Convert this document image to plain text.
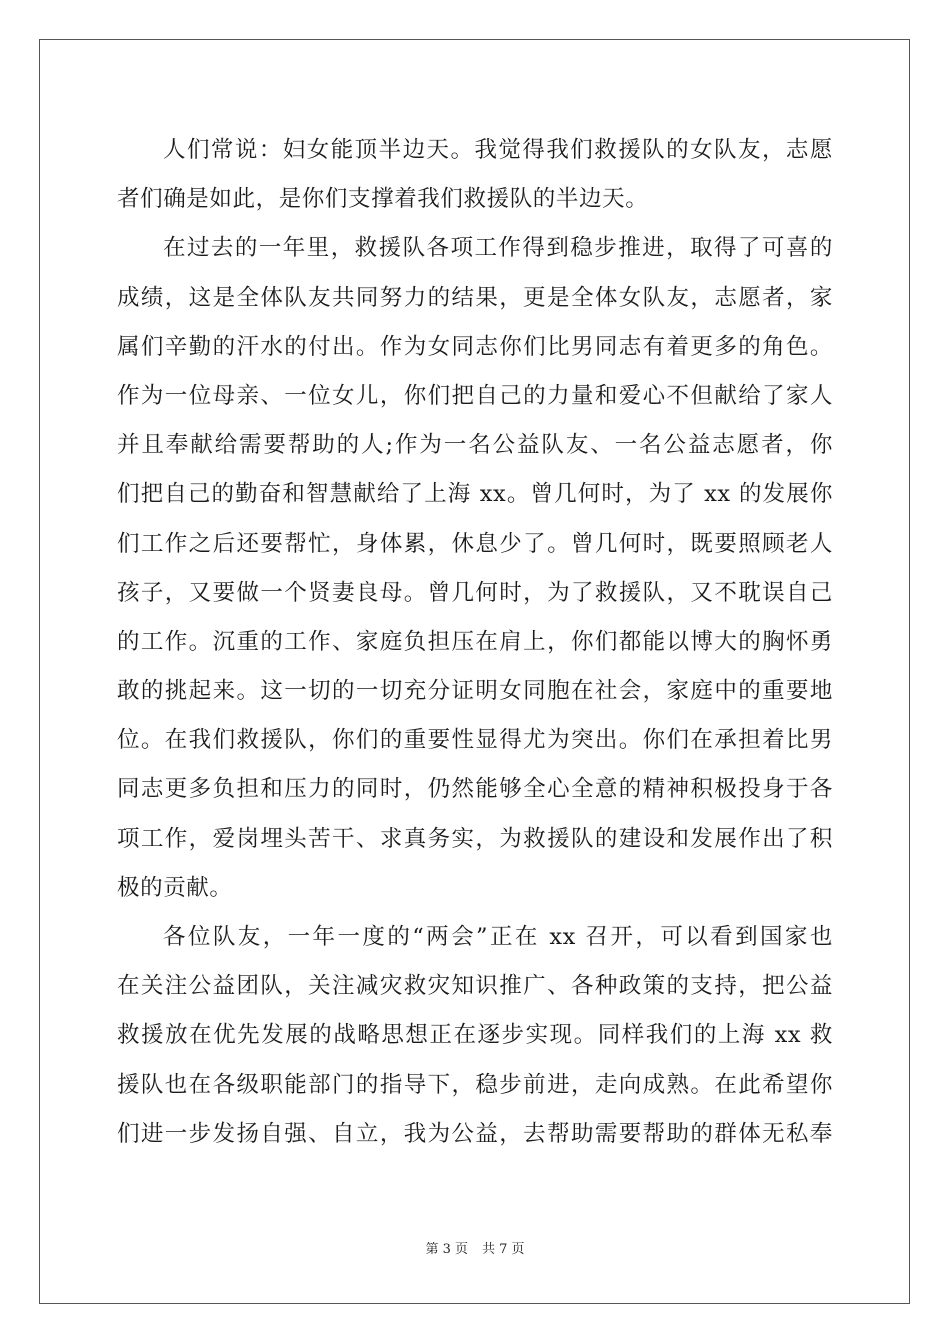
人们常说：妇女能顶半边天。我觉得我们救援队的女队友，志愿
者们确是如此，是你们支撑着我们救援队的半边天。
在过去的一年里，救援队各项工作得到稳步推进，取得了可喜的
成绩，这是全体队友共同努力的结果，更是全体女队友，志愿者，家
属们辛勤的汗水的付出。作为女同志你们比男同志有着更多的角色。
作为一位母亲、一位女儿，你们把自己的力量和爱心不但献给了家人
并且奉献给需要帮助的人;作为一名公益队友、一名公益志愿者，你
们把自己的勤奋和智慧献给了上海 xx。曾几何时，为了 xx 的发展你
们工作之后还要帮忙，身体累，休息少了。曾几何时，既要照顾老人
孩子，又要做一个贤妻良母。曾几何时，为了救援队，又不耽误自己
的工作。沉重的工作、家庭负担压在肩上，你们都能以博大的胸怀勇
敢的挑起来。这一切的一切充分证明女同胞在社会，家庭中的重要地
位。在我们救援队，你们的重要性显得尤为突出。你们在承担着比男
同志更多负担和压力的同时，仍然能够全心全意的精神积极投身于各
项工作，爱岗埋头苦干、求真务实，为救援队的建设和发展作出了积
极的贡献。
各位队友，一年一度的“两会”正在 xx 召开，可以看到国家也
在关注公益团队，关注减灾救灾知识推广、各种政策的支持，把公益
救援放在优先发展的战略思想正在逐步实现。同样我们的上海 xx 救
援队也在各级职能部门的指导下，稳步前进，走向成熟。在此希望你
们进一步发扬自强、自立，我为公益，去帮助需要帮助的群体无私奉
第 3 页 共 7 页
